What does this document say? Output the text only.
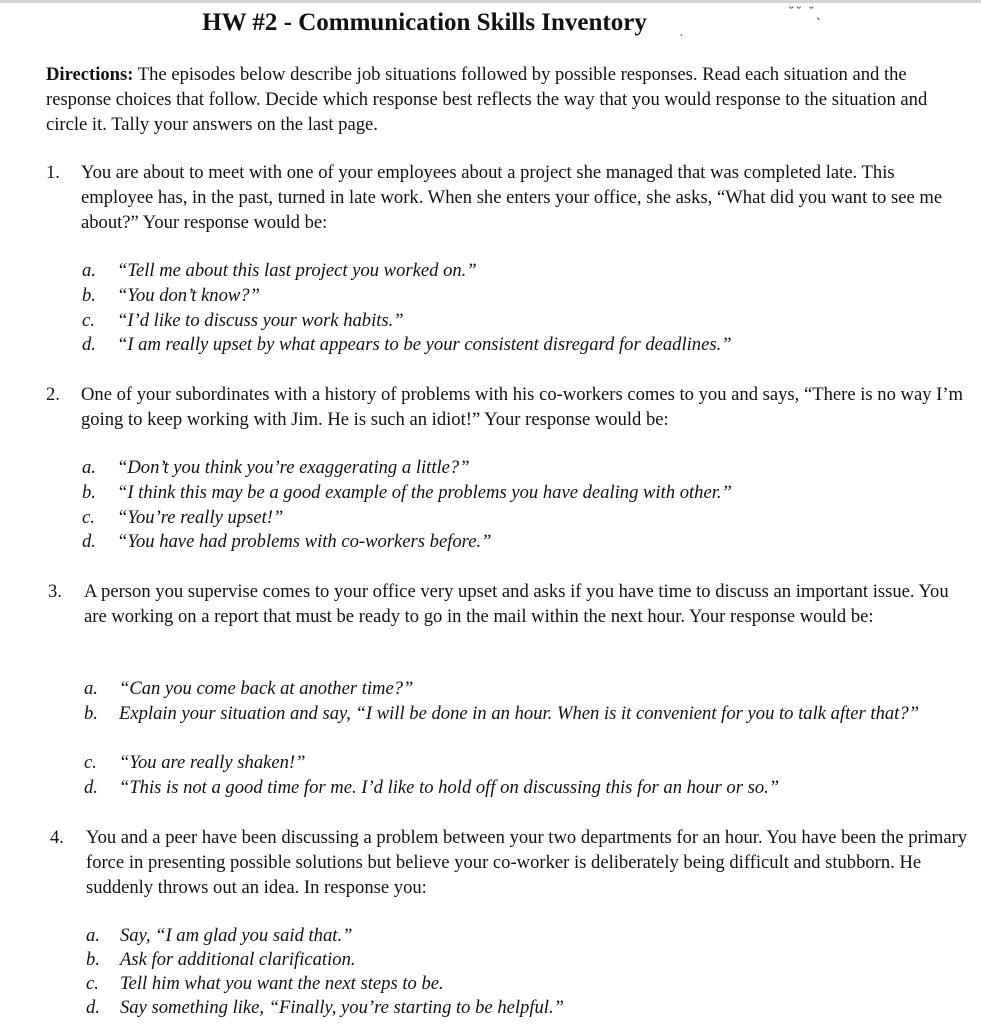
˘˘ ˘ˎ
˛
HW #2 - Communication Skills Inventory
Directions: The episodes below describe job situations followed by possible responses. Read each situation and the response choices that follow. Decide which response best reflects the way that you would response to the situation and circle it. Tally your answers on the last page.
1. You are about to meet with one of your employees about a project she managed that was completed late. This employee has, in the past, turned in late work. When she enters your office, she asks, “What did you want to see me about?” Your response would be:
a. “Tell me about this last project you worked on.”
b. “You don’t know?”
c. “I’d like to discuss your work habits.”
d. “I am really upset by what appears to be your consistent disregard for deadlines.”
2. One of your subordinates with a history of problems with his co-workers comes to you and says, “There is no way I’m going to keep working with Jim. He is such an idiot!” Your response would be:
a. “Don’t you think you’re exaggerating a little?”
b. “I think this may be a good example of the problems you have dealing with other.”
c. “You’re really upset!”
d. “You have had problems with co-workers before.”
3. A person you supervise comes to your office very upset and asks if you have time to discuss an important issue. You are working on a report that must be ready to go in the mail within the next hour. Your response would be:
a. “Can you come back at another time?”
b. Explain your situation and say, “I will be done in an hour. When is it convenient for you to talk after that?”
c. “You are really shaken!”
d. “This is not a good time for me. I’d like to hold off on discussing this for an hour or so.”
4. You and a peer have been discussing a problem between your two departments for an hour. You have been the primary force in presenting possible solutions but believe your co-worker is deliberately being difficult and stubborn. He suddenly throws out an idea. In response you:
a. Say, “I am glad you said that.”
b. Ask for additional clarification.
c. Tell him what you want the next steps to be.
d. Say something like, “Finally, you’re starting to be helpful.”
